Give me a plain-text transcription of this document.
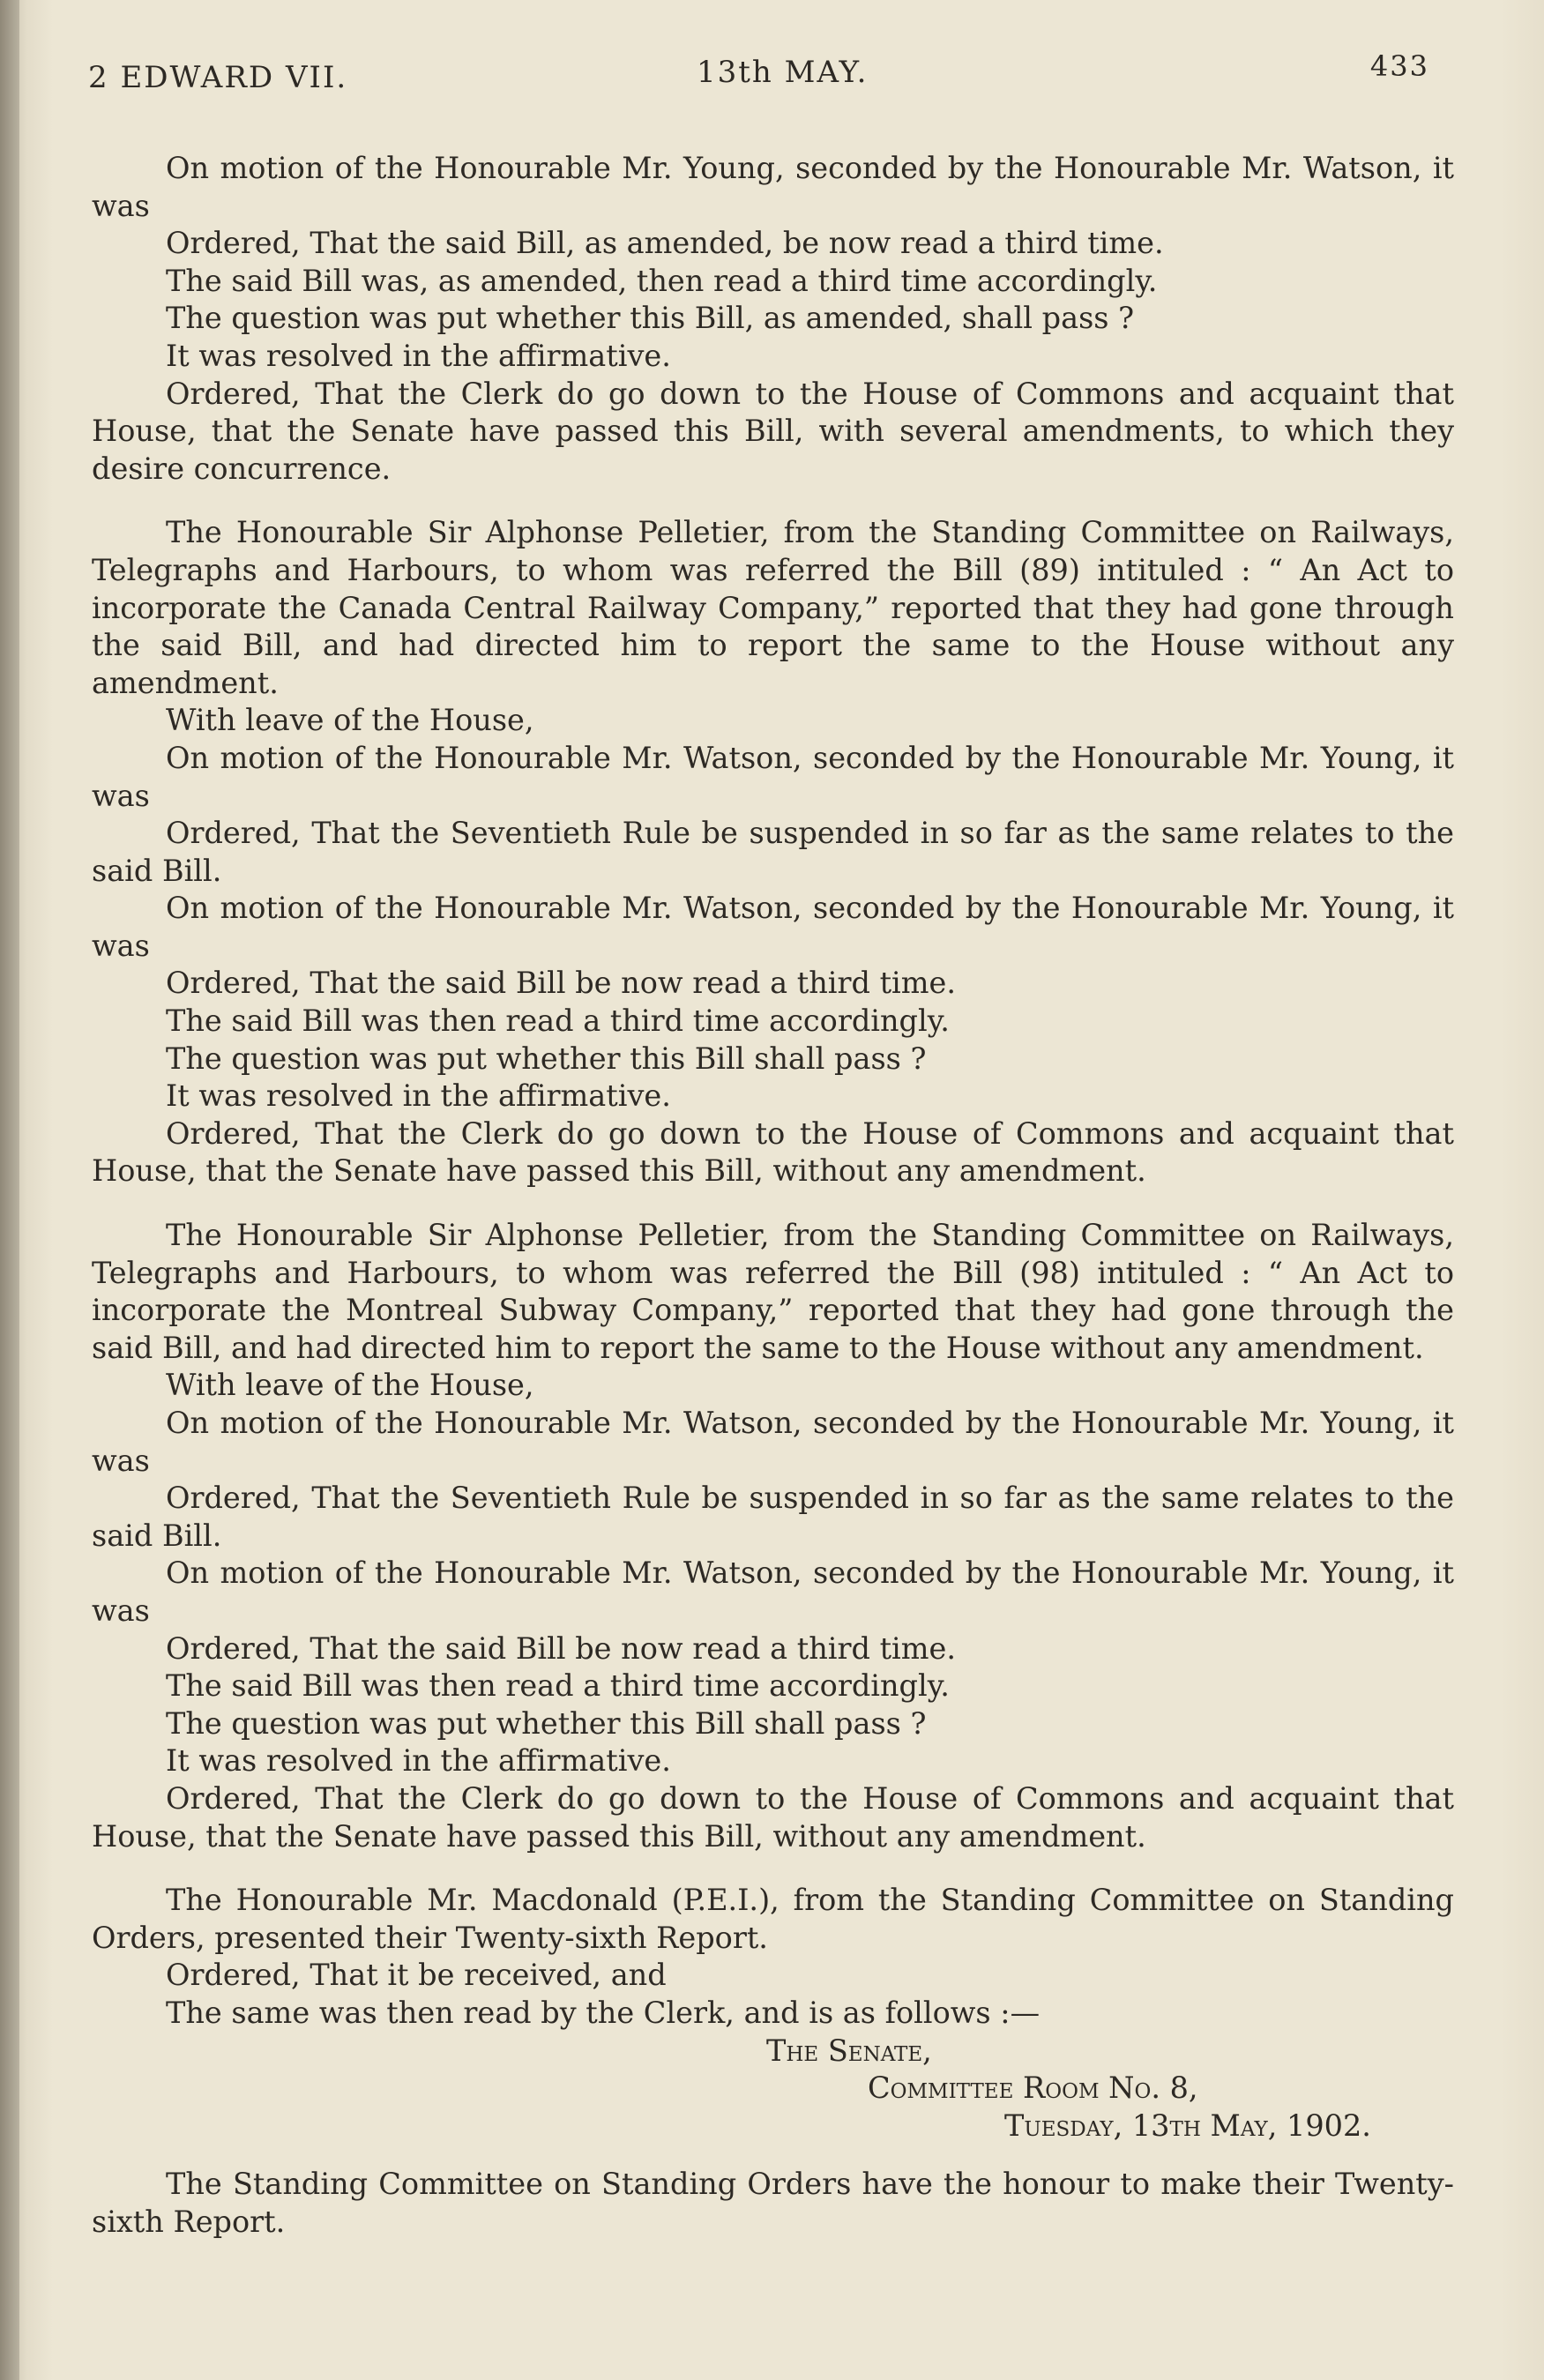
2 EDWARD VII.	13th MAY.	433

On motion of the Honourable Mr. Young, seconded by the Honourable Mr. Watson, it was

Ordered, That the said Bill, as amended, be now read a third time.

The said Bill was, as amended, then read a third time accordingly.

The question was put whether this Bill, as amended, shall pass ?

It was resolved in the affirmative.

Ordered, That the Clerk do go down to the House of Commons and acquaint that House, that the Senate have passed this Bill, with several amendments, to which they desire concurrence.

The Honourable Sir Alphonse Pelletier, from the Standing Committee on Railways, Telegraphs and Harbours, to whom was referred the Bill (89) intituled : “ An Act to incorporate the Canada Central Railway Company,” reported that they had gone through the said Bill, and had directed him to report the same to the House without any amendment.

With leave of the House,

On motion of the Honourable Mr. Watson, seconded by the Honourable Mr. Young, it was

Ordered, That the Seventieth Rule be suspended in so far as the same relates to the said Bill.

On motion of the Honourable Mr. Watson, seconded by the Honourable Mr. Young, it was

Ordered, That the said Bill be now read a third time.

The said Bill was then read a third time accordingly.

The question was put whether this Bill shall pass ?

It was resolved in the affirmative.

Ordered, That the Clerk do go down to the House of Commons and acquaint that House, that the Senate have passed this Bill, without any amendment.

The Honourable Sir Alphonse Pelletier, from the Standing Committee on Railways, Telegraphs and Harbours, to whom was referred the Bill (98) intituled : “ An Act to incorporate the Montreal Subway Company,” reported that they had gone through the said Bill, and had directed him to report the same to the House without any amendment.

With leave of the House,

On motion of the Honourable Mr. Watson, seconded by the Honourable Mr. Young, it was

Ordered, That the Seventieth Rule be suspended in so far as the same relates to the said Bill.

On motion of the Honourable Mr. Watson, seconded by the Honourable Mr. Young, it was

Ordered, That the said Bill be now read a third time.

The said Bill was then read a third time accordingly.

The question was put whether this Bill shall pass ?

It was resolved in the affirmative.

Ordered, That the Clerk do go down to the House of Commons and acquaint that House, that the Senate have passed this Bill, without any amendment.

The Honourable Mr. Macdonald (P.E.I.), from the Standing Committee on Standing Orders, presented their Twenty-sixth Report.

Ordered, That it be received, and

The same was then read by the Clerk, and is as follows :—

The Senate,

Committee Room No. 8,

Tuesday, 13th May, 1902.

The Standing Committee on Standing Orders have the honour to make their Twenty-sixth Report.
